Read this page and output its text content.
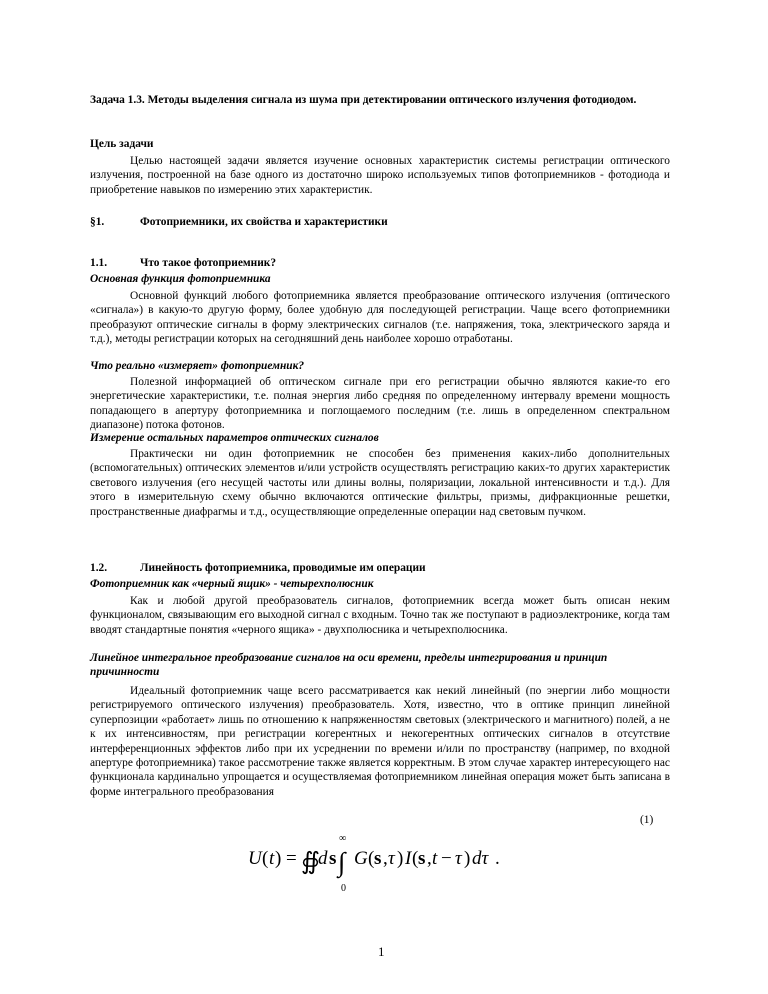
Задача 1.3. Методы выделения сигнала из шума при детектировании оптического излучения фотодиодом.

Цель задачи

Целью настоящей задачи является изучение основных характеристик системы регистрации оптического излучения, построенной на базе одного из достаточно широко используемых типов фотоприемников - фотодиода и приобретение навыков по измерению этих характеристик.

§1.	Фотоприемники, их свойства и характеристики

1.1.	Что такое фотоприемник?

Основная функция фотоприемника

Основной функций любого фотоприемника является преобразование оптического излучения (оптического «сигнала») в какую-то другую форму, более удобную для последующей регистрации. Чаще всего фотоприемники преобразуют оптические сигналы в форму электрических сигналов (т.е. напряжения, тока, электрического заряда и т.д.), методы регистрации которых на сегодняшний день наиболее хорошо отработаны.

Что реально «измеряет» фотоприемник?

Полезной информацией об оптическом сигнале при его регистрации обычно являются какие-то его энергетические характеристики, т.е. полная энергия либо средняя по определенному интервалу времени мощность попадающего в апертуру фотоприемника и поглощаемого последним (т.е. лишь в определенном спектральном диапазоне) потока фотонов.

Измерение остальных параметров оптических сигналов

Практически ни один фотоприемник не способен без применения каких-либо дополнительных (вспомогательных) оптических элементов и/или устройств осуществлять регистрацию каких-то других характеристик светового излучения (его несущей частоты или длины волны, поляризации, локальной интенсивности и т.д.). Для этого в измерительную схему обычно включаются оптические фильтры, призмы, дифракционные решетки, пространственные диафрагмы и т.д., осуществляющие определенные операции над световым пучком.

1.2.	Линейность фотоприемника, проводимые им операции

Фотоприемник как «черный ящик» - четырехполюсник

Как и любой другой преобразователь сигналов, фотоприемник всегда может быть описан неким функционалом, связывающим его выходной сигнал с входным. Точно так же поступают в радиоэлектронике, когда там вводят стандартные понятия «черного ящика» - двухполюсника и четырехполюсника.

Линейное интегральное преобразование сигналов на оси времени, пределы интегрирования и принцип причинности

Идеальный фотоприемник чаще всего рассматривается как некий линейный (по энергии либо мощности регистрируемого оптического излучения) преобразователь. Хотя, известно, что в оптике принцип линейной суперпозиции «работает» лишь по отношению к напряженностям световых (электрического и магнитного) полей, а не к их интенсивностям, при регистрации когерентных и некогерентных оптических сигналов в отсутствие интерференционных эффектов либо при их усреднении по времени и/или по пространству (например, по входной апертуре фотоприемника) такое рассмотрение также является корректным. В этом случае характер интересующего нас функционала кардинально упрощается и осуществляемая фотоприемником линейная операция может быть записана в форме интегрального преобразования

(1)
U ( t ) = ∯
d s ∫
∞
0
G ( s , τ ) I ( s , t − τ ) dτ .
1
